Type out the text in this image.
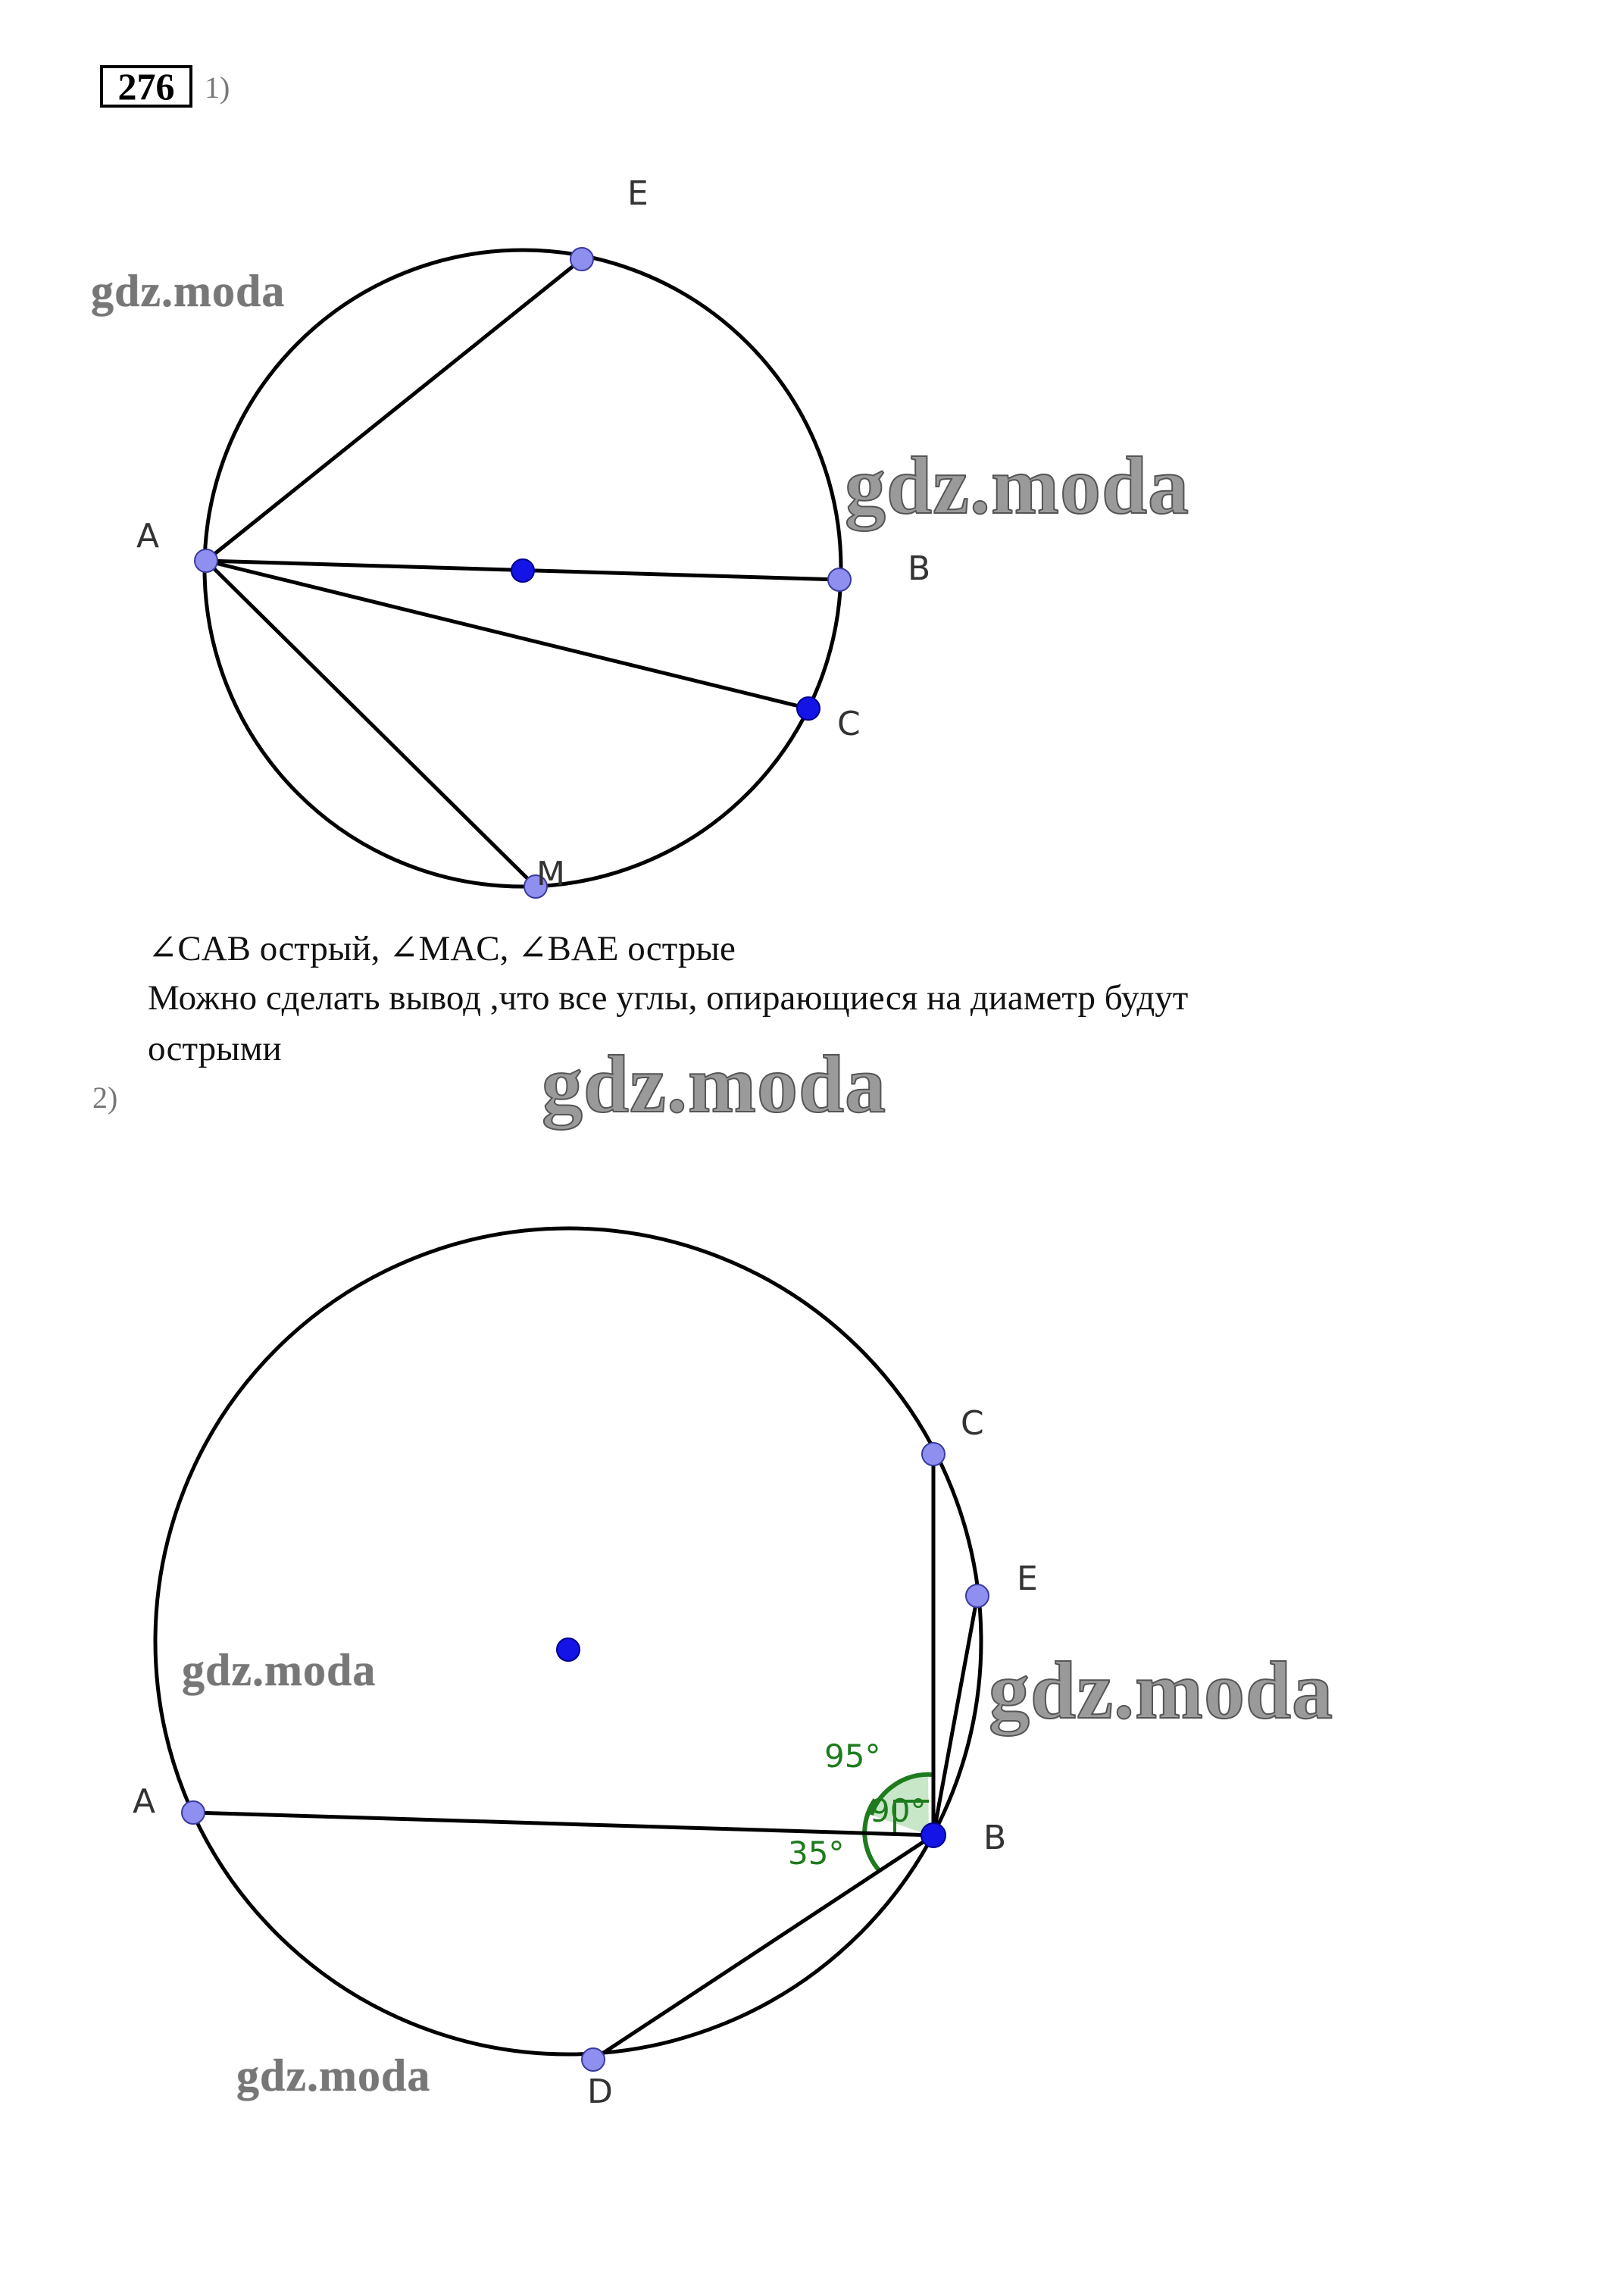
276 1)
E
A
B
C
M
∠CAB острый, ∠MAC, ∠BAE острые
Можно сделать вывод ,что все углы, опирающиеся на диаметр будут
острыми
2)
C
E
A
B
D
95°
90°
35°
gdz.moda
gdz.moda
gdz.moda
gdz.moda	gdz.moda
gdz.moda
